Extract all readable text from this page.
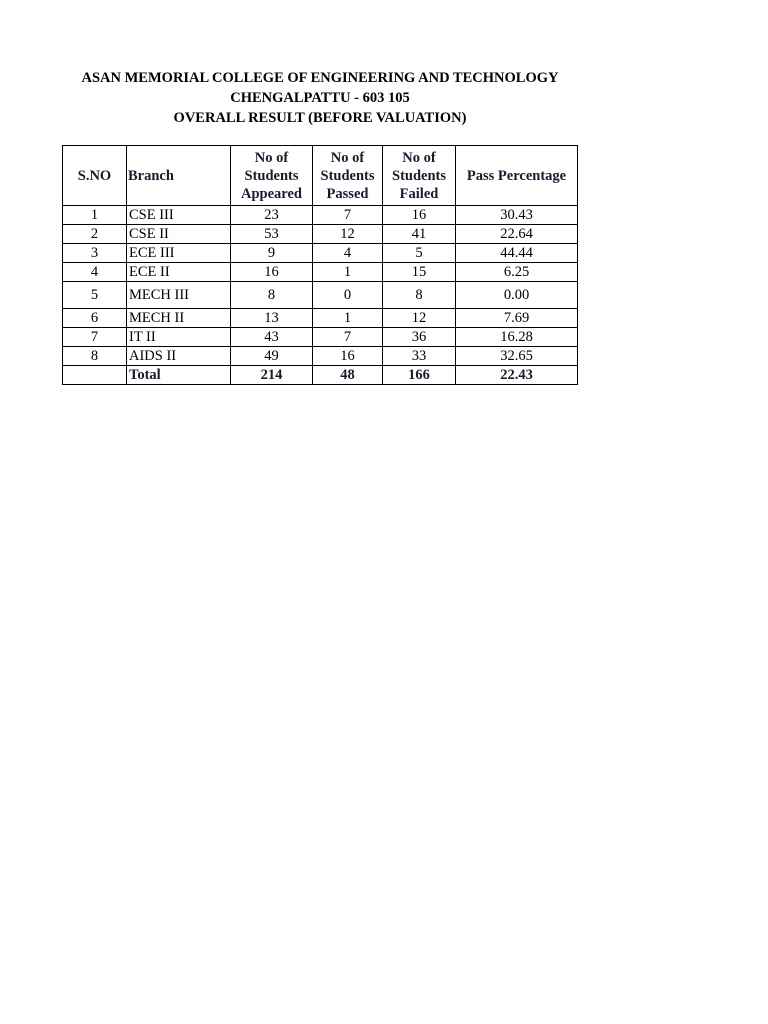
ASAN MEMORIAL COLLEGE OF ENGINEERING AND TECHNOLOGY
CHENGALPATTU - 603 105
OVERALL RESULT (BEFORE VALUATION)
S.NO	Branch	No of Students Appeared	No of Students Passed	No of Students Failed	Pass Percentage
1	CSE III	23	7	16	30.43
2	CSE II	53	12	41	22.64
3	ECE III	9	4	5	44.44
4	ECE II	16	1	15	6.25
5	MECH III	8	0	8	0.00
6	MECH II	13	1	12	7.69
7	IT II	43	7	36	16.28
8	AIDS II	49	16	33	32.65
	Total	214	48	166	22.43
